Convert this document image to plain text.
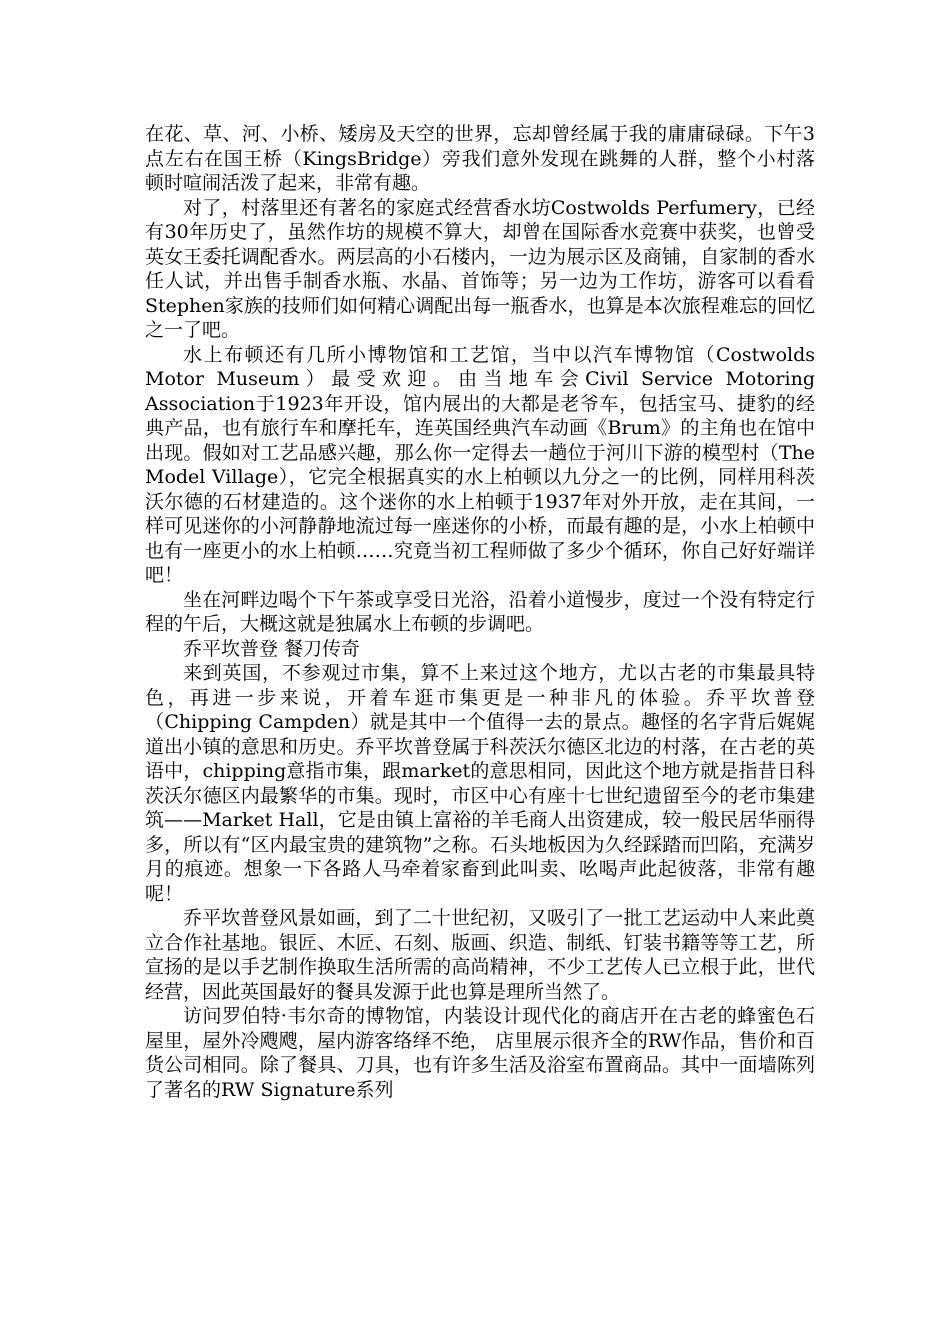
在花、草、河、小桥、矮房及天空的世界，忘却曾经属于我的庸庸碌碌。下午3点左右在国王桥（KingsBridge）旁我们意外发现在跳舞的人群，整个小村落顿时喧闹活泼了起来，非常有趣。

对了，村落里还有著名的家庭式经营香水坊Costwolds Perfumery，已经有30年历史了，虽然作坊的规模不算大，却曾在国际香水竞赛中获奖，也曾受英女王委托调配香水。两层高的小石楼内，一边为展示区及商铺，自家制的香水任人试，并出售手制香水瓶、水晶、首饰等；另一边为工作坊，游客可以看看Stephen家族的技师们如何精心调配出每一瓶香水，也算是本次旅程难忘的回忆之一了吧。

水上布顿还有几所小博物馆和工艺馆，当中以汽车博物馆（Costwolds Motor Museum）最受欢迎。由当地车会Civil Service Motoring Association于1923年开设，馆内展出的大都是老爷车，包括宝马、捷豹的经典产品，也有旅行车和摩托车，连英国经典汽车动画《Brum》的主角也在馆中出现。假如对工艺品感兴趣，那么你一定得去一趟位于河川下游的模型村（The Model Village），它完全根据真实的水上柏顿以九分之一的比例，同样用科茨沃尔德的石材建造的。这个迷你的水上柏顿于1937年对外开放，走在其间，一样可见迷你的小河静静地流过每一座迷你的小桥，而最有趣的是，小水上柏顿中也有一座更小的水上柏顿……究竟当初工程师做了多少个循环，你自己好好端详吧！

坐在河畔边喝个下午茶或享受日光浴，沿着小道慢步，度过一个没有特定行程的午后，大概这就是独属水上布顿的步调吧。

乔平坎普登 餐刀传奇

来到英国，不参观过市集，算不上来过这个地方，尤以古老的市集最具特色，再进一步来说，开着车逛市集更是一种非凡的体验。乔平坎普登（Chipping Campden）就是其中一个值得一去的景点。趣怪的名字背后娓娓道出小镇的意思和历史。乔平坎普登属于科茨沃尔德区北边的村落，在古老的英语中，chipping意指市集，跟market的意思相同，因此这个地方就是指昔日科茨沃尔德区内最繁华的市集。现时，市区中心有座十七世纪遗留至今的老市集建筑——Market Hall，它是由镇上富裕的羊毛商人出资建成，较一般民居华丽得多，所以有“区内最宝贵的建筑物”之称。石头地板因为久经踩踏而凹陷，充满岁月的痕迹。想象一下各路人马牵着家畜到此叫卖、吆喝声此起彼落，非常有趣呢！

乔平坎普登风景如画，到了二十世纪初，又吸引了一批工艺运动中人来此奠立合作社基地。银匠、木匠、石刻、版画、织造、制纸、钉装书籍等等工艺，所宣扬的是以手艺制作换取生活所需的高尚精神，不少工艺传人已立根于此，世代经营，因此英国最好的餐具发源于此也算是理所当然了。

访问罗伯特·韦尔奇的博物馆，内装设计现代化的商店开在古老的蜂蜜色石屋里，屋外冷飕飕，屋内游客络绎不绝， 店里展示很齐全的RW作品，售价和百货公司相同。除了餐具、刀具，也有许多生活及浴室布置商品。其中一面墙陈列了著名的RW Signature系列
